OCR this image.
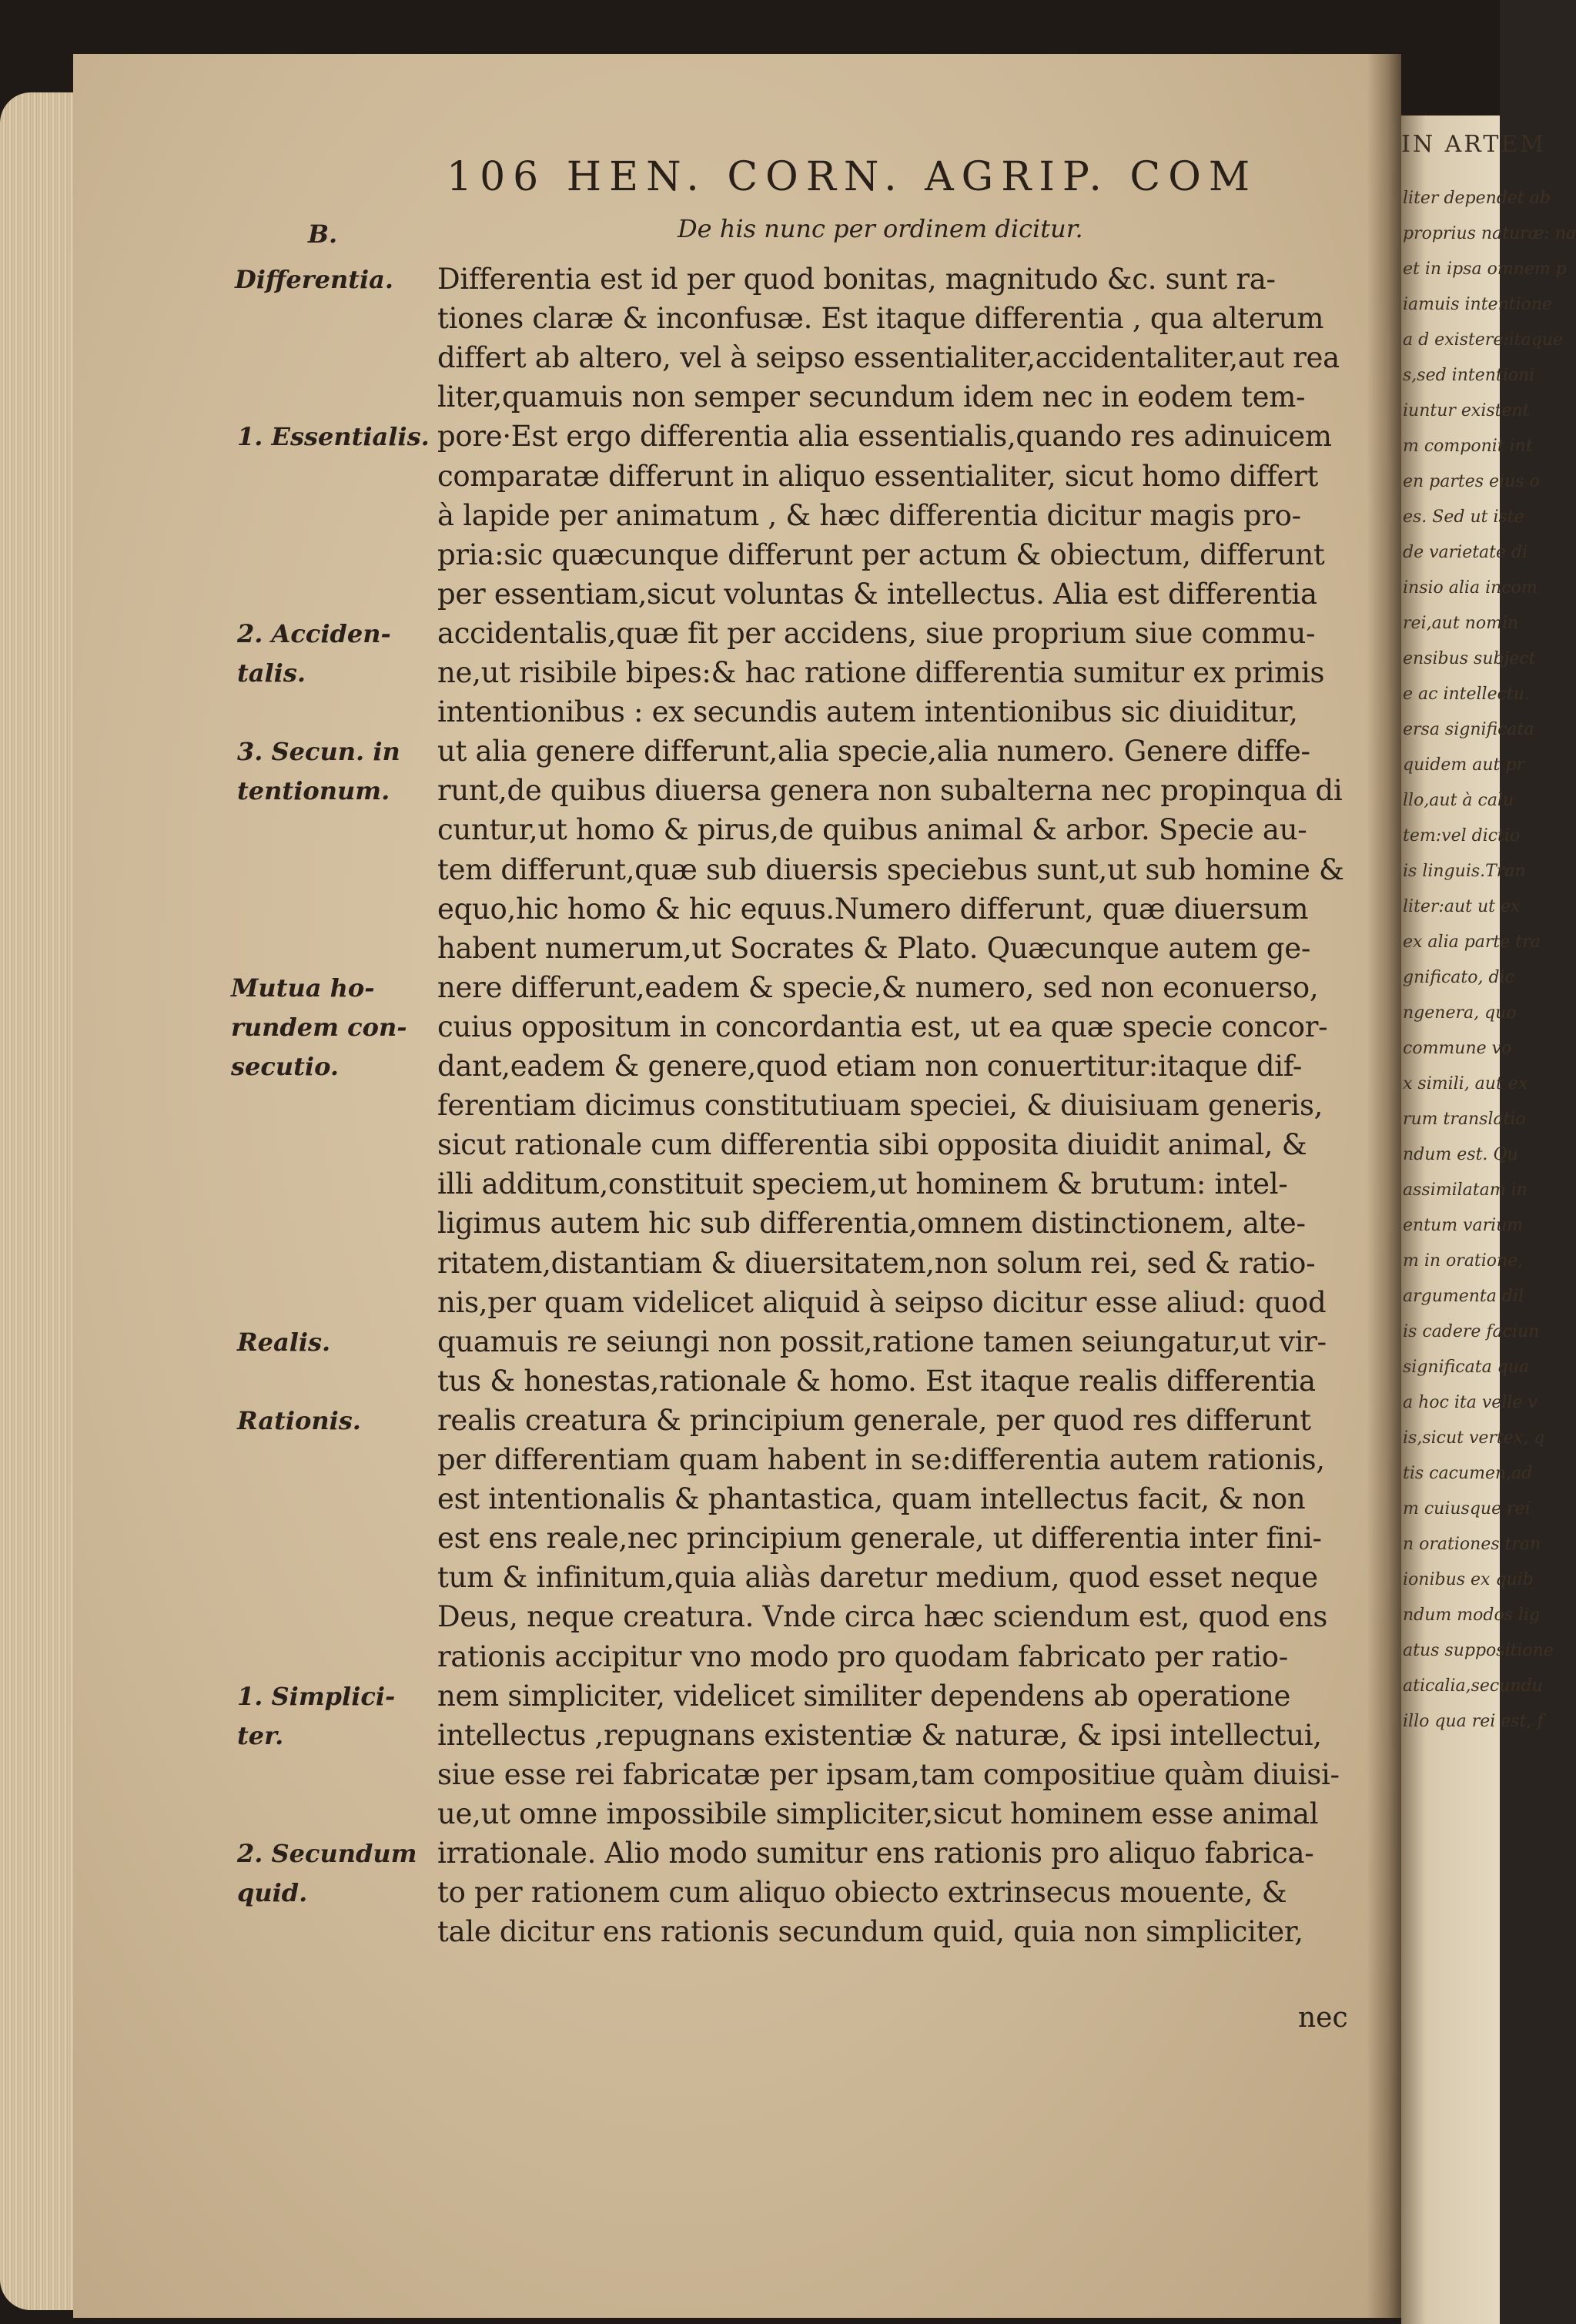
IN ARTEM
liter dependet ab
proprius naturæ: na
et in ipsa omnem p
iamuis intentione
a d existere:itaque
s,sed intentioni
iuntur existent
m componit int
en partes eius o
es. Sed ut iste
de varietate di
insio alia incom
rei,aut nomin
ensibus subject
e ac intellectu.
ersa significata
quidem aut pr
llo,aut à calu
tem:vel dictio
is linguis.Tran
liter:aut ut ex
ex alia parte tra
gnificato, dic
ngenera, quo
commune vo
x simili, aut ex
rum translatio
ndum est. Qu
assimilatam in
entum varium
m in oratione,
argumenta dil
is cadere faciun
significata qua
a hoc ita velle v
is,sicut vertex, q
tis cacumen,ad
m cuiusque rei
n orationes tran
ionibus ex quib
ndum modos lig
atus suppositione
aticalia,secundu
illo qua rei est, f
106 HEN. CORN. AGRIP. COM
De his nunc per ordinem dicitur.
Differentia est id per quod bonitas, magnitudo &c. sunt ra-
tiones claræ & inconfusæ. Est itaque differentia , qua alterum
differt ab altero, vel à seipso essentialiter,accidentaliter,aut rea
liter,quamuis non semper secundum idem nec in eodem tem-
pore·Est ergo differentia alia essentialis,quando res adinuicem
comparatæ differunt in aliquo essentialiter, sicut homo differt
à lapide per animatum , & hæc differentia dicitur magis pro-
pria:sic quæcunque differunt per actum & obiectum, differunt
per essentiam,sicut voluntas & intellectus. Alia est differentia
accidentalis,quæ fit per accidens, siue proprium siue commu-
ne,ut risibile bipes:& hac ratione differentia sumitur ex primis
intentionibus : ex secundis autem intentionibus sic diuiditur,
ut alia genere differunt,alia specie,alia numero. Genere diffe-
runt,de quibus diuersa genera non subalterna nec propinqua di
cuntur,ut homo & pirus,de quibus animal & arbor. Specie au-
tem differunt,quæ sub diuersis speciebus sunt,ut sub homine &
equo,hic homo & hic equus.Numero differunt, quæ diuersum
habent numerum,ut Socrates & Plato. Quæcunque autem ge-
nere differunt,eadem & specie,& numero, sed non econuerso,
cuius oppositum in concordantia est, ut ea quæ specie concor-
dant,eadem & genere,quod etiam non conuertitur:itaque dif-
ferentiam dicimus constitutiuam speciei, & diuisiuam generis,
sicut rationale cum differentia sibi opposita diuidit animal, &
illi additum,constituit speciem,ut hominem & brutum: intel-
ligimus autem hic sub differentia,omnem distinctionem, alte-
ritatem,distantiam & diuersitatem,non solum rei, sed & ratio-
nis,per quam videlicet aliquid à seipso dicitur esse aliud: quod
quamuis re seiungi non possit,ratione tamen seiungatur,ut vir-
tus & honestas,rationale & homo. Est itaque realis differentia
realis creatura & principium generale, per quod res differunt
per differentiam quam habent in se:differentia autem rationis,
est intentionalis & phantastica, quam intellectus facit, & non
est ens reale,nec principium generale, ut differentia inter fini-
tum & infinitum,quia aliàs daretur medium, quod esset neque
Deus, neque creatura. Vnde circa hæc sciendum est, quod ens
rationis accipitur vno modo pro quodam fabricato per ratio-
nem simpliciter, videlicet similiter dependens ab operatione
intellectus ,repugnans existentiæ & naturæ, & ipsi intellectui,
siue esse rei fabricatæ per ipsam,tam compositiue quàm diuisi-
ue,ut omne impossibile simpliciter,sicut hominem esse animal
irrationale. Alio modo sumitur ens rationis pro aliquo fabrica-
to per rationem cum aliquo obiecto extrinsecus mouente, &
tale dicitur ens rationis secundum quid, quia non simpliciter,
B.
Differentia.
1. Essentialis.
2. Acciden-
talis.
3. Secun. in
tentionum.
Mutua ho-
rundem con-
secutio.
Realis.
Rationis.
1. Simplici-
ter.
2. Secundum
quid.
nec
